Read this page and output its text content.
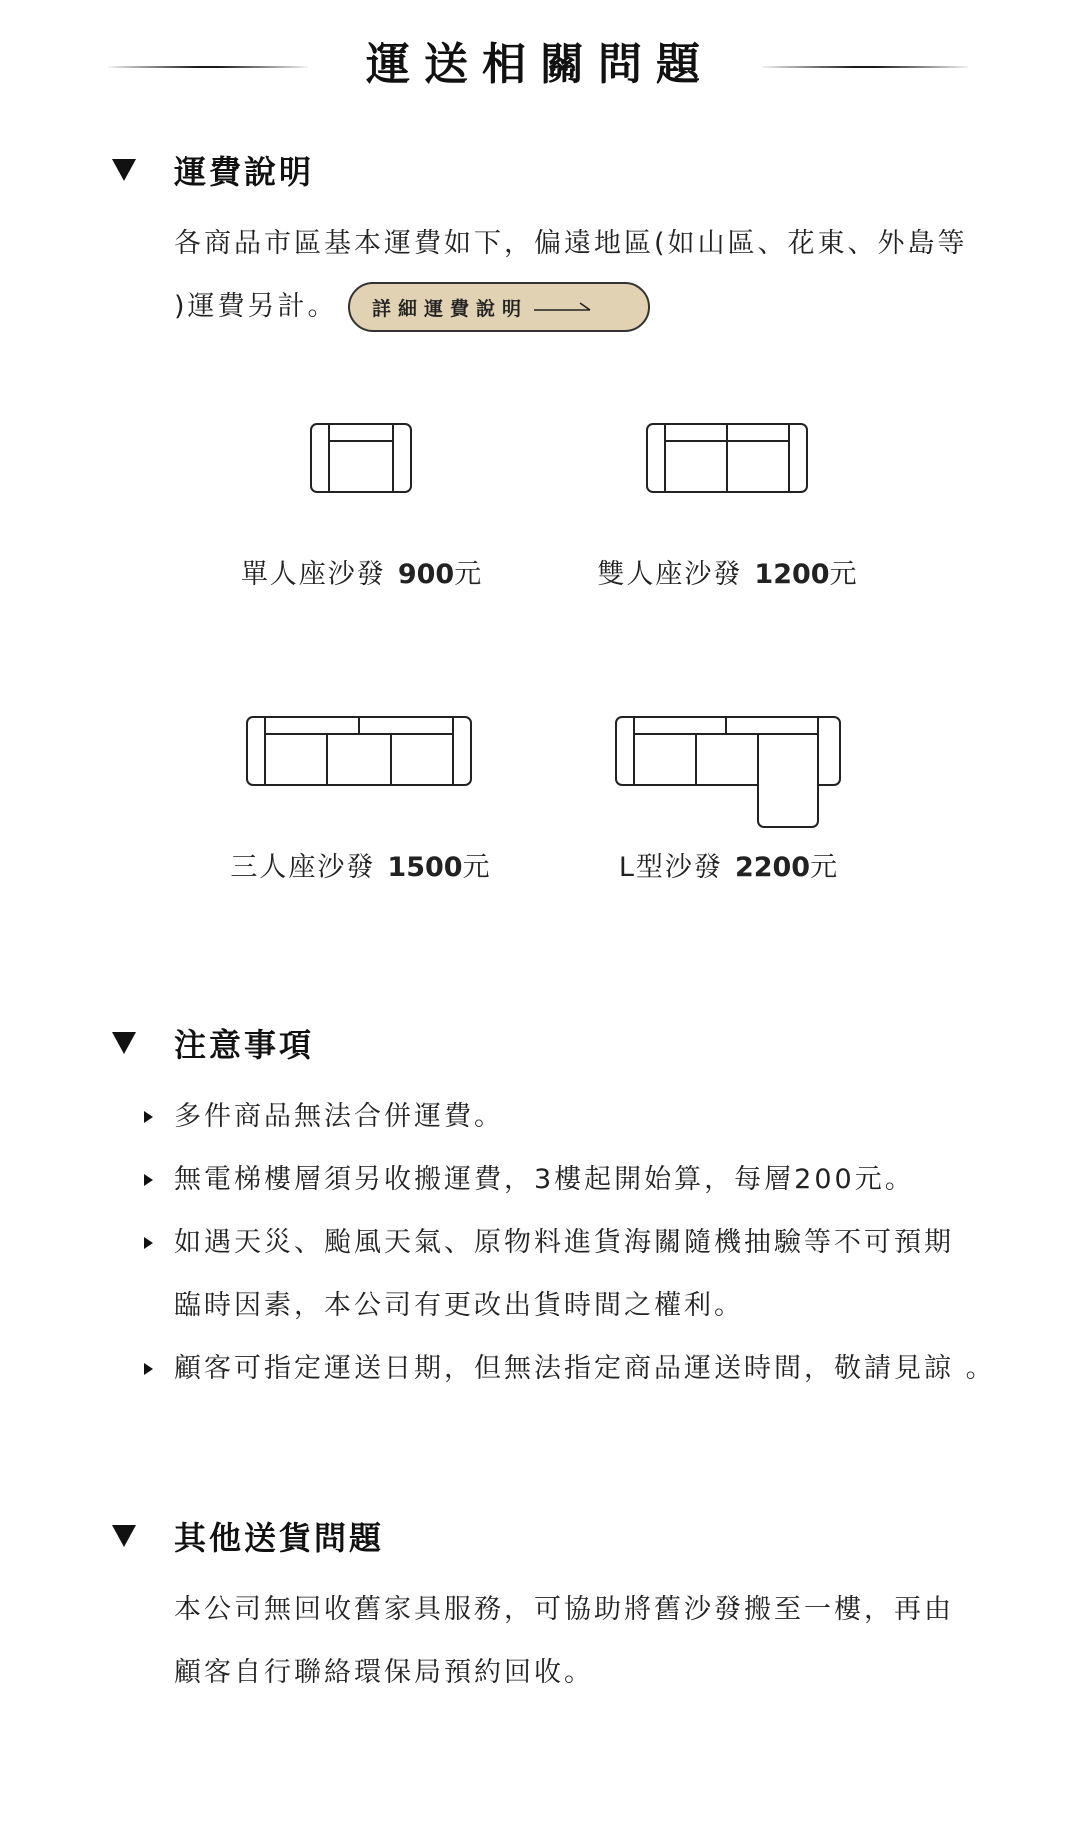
運送相關問題
運費說明
各商品市區基本運費如下，偏遠地區(如山區、花東、外島等
)運費另計。 詳細運費說明
單人座沙發 900元	雙人座沙發 1200元
三人座沙發 1500元	L型沙發 2200元
注意事項
多件商品無法合併運費。
無電梯樓層須另收搬運費，3樓起開始算，每層200元。
如遇天災、颱風天氣、原物料進貨海關隨機抽驗等不可預期
臨時因素，本公司有更改出貨時間之權利。
顧客可指定運送日期，但無法指定商品運送時間，敬請見諒 。
其他送貨問題
本公司無回收舊家具服務，可協助將舊沙發搬至一樓，再由
顧客自行聯絡環保局預約回收。
